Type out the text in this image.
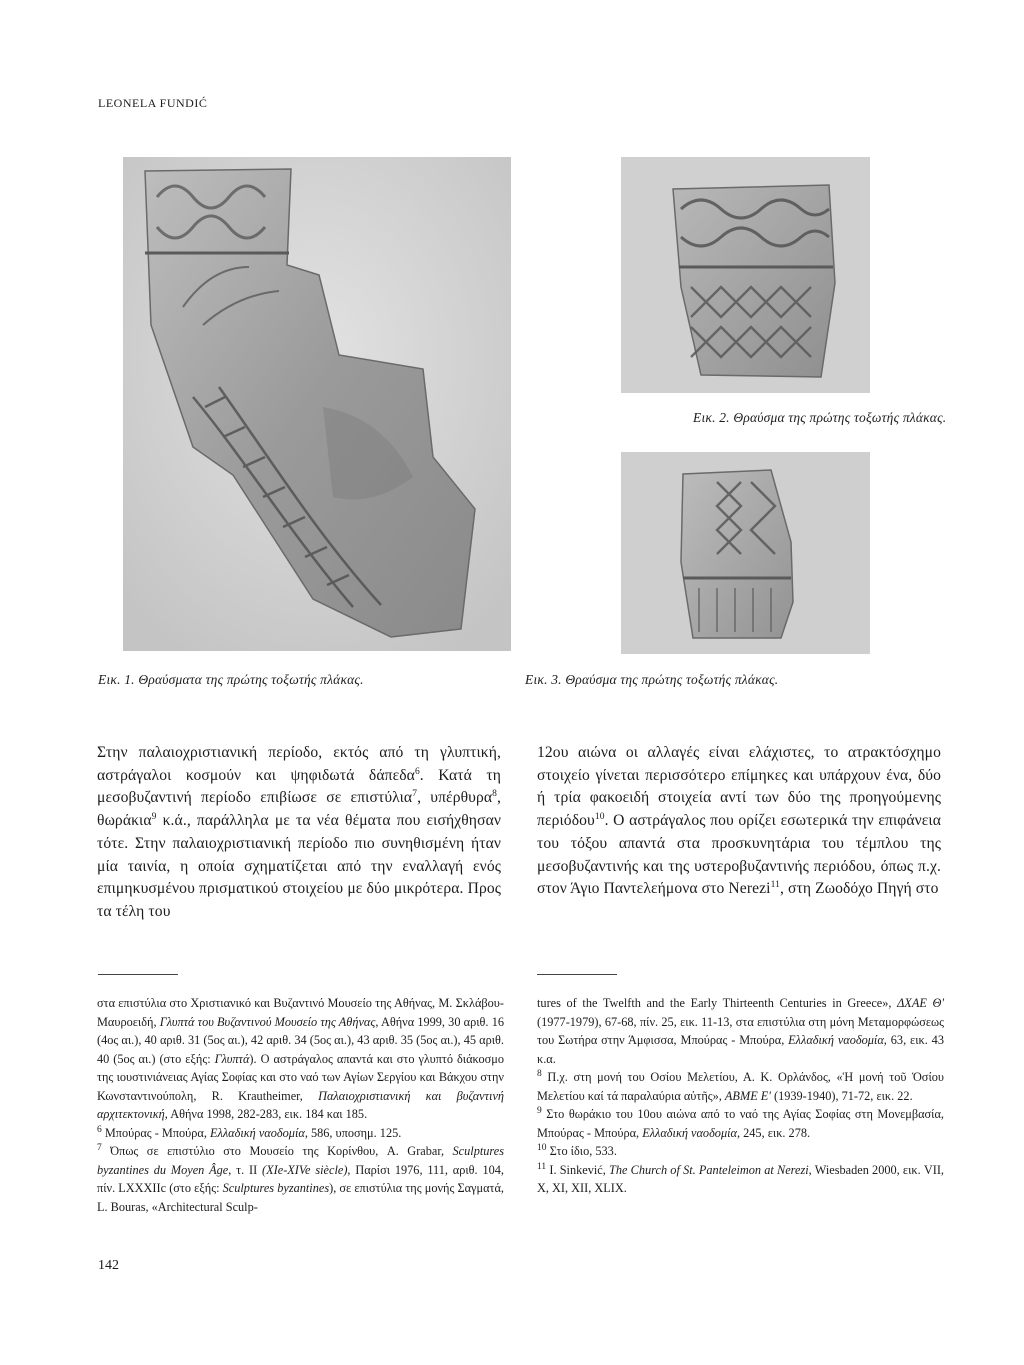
LEONELA FUNDIĆ
Εικ. 2. Θραύσμα της πρώτης τοξωτής πλάκας.
Εικ. 1. Θραύσματα της πρώτης τοξωτής πλάκας.	Εικ. 3. Θραύσμα της πρώτης τοξωτής πλάκας.
Στην παλαιοχριστιανική περίοδο, εκτός από τη γλυπτική, αστράγαλοι κοσμούν και ψηφιδωτά δάπεδα$^6$. Κατά τη μεσοβυζαντινή περίοδο επιβίωσε σε επιστύλια$^7$, υπέρθυρα$^8$, θωράκια$^9$ κ.ά., παράλληλα με τα νέα θέματα που εισήχθησαν τότε. Στην παλαιοχριστιανική περίοδο πιο συνηθισμένη ήταν μία ταινία, η οποία σχηματίζεται από την εναλλαγή ενός επιμηκυσμένου πρισματικού στοιχείου με δύο μικρότερα. Προς τα τέλη του
12ου αιώνα οι αλλαγές είναι ελάχιστες, το ατρακτόσχημο στοιχείο γίνεται περισσότερο επίμηκες και υπάρχουν ένα, δύο ή τρία φακοειδή στοιχεία αντί των δύο της προηγούμενης περιόδου$^{10}$. Ο αστράγαλος που ορίζει εσωτερικά την επιφάνεια του τόξου απαντά στα προσκυνητάρια του τέμπλου της μεσοβυζαντινής και της υστεροβυζαντινής περιόδου, όπως π.χ. στον Άγιο Παντελεήμονα στο Nerezi$^{11}$, στη Ζωοδόχο Πηγή στο

στα επιστύλια στο Χριστιανικό και Βυζαντινό Μουσείο της Αθήνας, Μ. Σκλάβου-Μαυροειδή, Γλυπτά του Βυζαντινού Μουσείο της Αθήνας, Αθήνα 1999, 30 αριθ. 16 (4ος αι.), 40 αριθ. 31 (5ος αι.), 42 αριθ. 34 (5ος αι.), 43 αριθ. 35 (5ος αι.), 45 αριθ. 40 (5ος αι.) (στο εξής: Γλυπτά). Ο αστράγαλος απαντά και στο γλυπτό διάκοσμο της ιουστινιάνειας Αγίας Σοφίας και στο ναό των Αγίων Σεργίου και Βάκχου στην Κωνσταντινούπολη, R. Krautheimer, Παλαιοχριστιανική και βυζαντινή αρχιτεκτονική, Αθήνα 1998, 282-283, εικ. 184 και 185.

$^6$ Μπούρας - Μπούρα, Ελλαδική ναοδομία, 586, υποσημ. 125.

$^7$ Όπως σε επιστύλιο στο Μουσείο της Κορίνθου, A. Grabar, Sculptures byzantines du Moyen Âge, τ. II (XIe-XIVe siècle), Παρίσι 1976, 111, αριθ. 104, πίν. LXXXIIc (στο εξής: Sculptures byzantines), σε επιστύλια της μονής Σαγματά, L. Bouras, «Architectural Sculp-

tures of the Twelfth and the Early Thirteenth Centuries in Greece», ΔΧΑΕ Θ' (1977-1979), 67-68, πίν. 25, εικ. 11-13, στα επιστύλια στη μόνη Μεταμορφώσεως του Σωτήρα στην Άμφισσα, Μπούρας - Μπούρα, Ελλαδική ναοδομία, 63, εικ. 43 κ.α.

$^8$ Π.χ. στη μονή του Οσίου Μελετίου, Α. Κ. Ορλάνδος, «Ἡ μονή τοῦ Ὁσίου Μελετίου καί τά παραλαύρια αὐτῆς», ΑΒΜΕ Ε' (1939-1940), 71-72, εικ. 22.

$^9$ Στο θωράκιο του 10ου αιώνα από το ναό της Αγίας Σοφίας στη Μονεμβασία, Μπούρας - Μπούρα, Ελλαδική ναοδομία, 245, εικ. 278.

$^{10}$ Στο ίδιο, 533.

$^{11}$ I. Sinkević, The Church of St. Panteleimon at Nerezi, Wiesbaden 2000, εικ. VII, X, XI, XII, XLIX.

142
